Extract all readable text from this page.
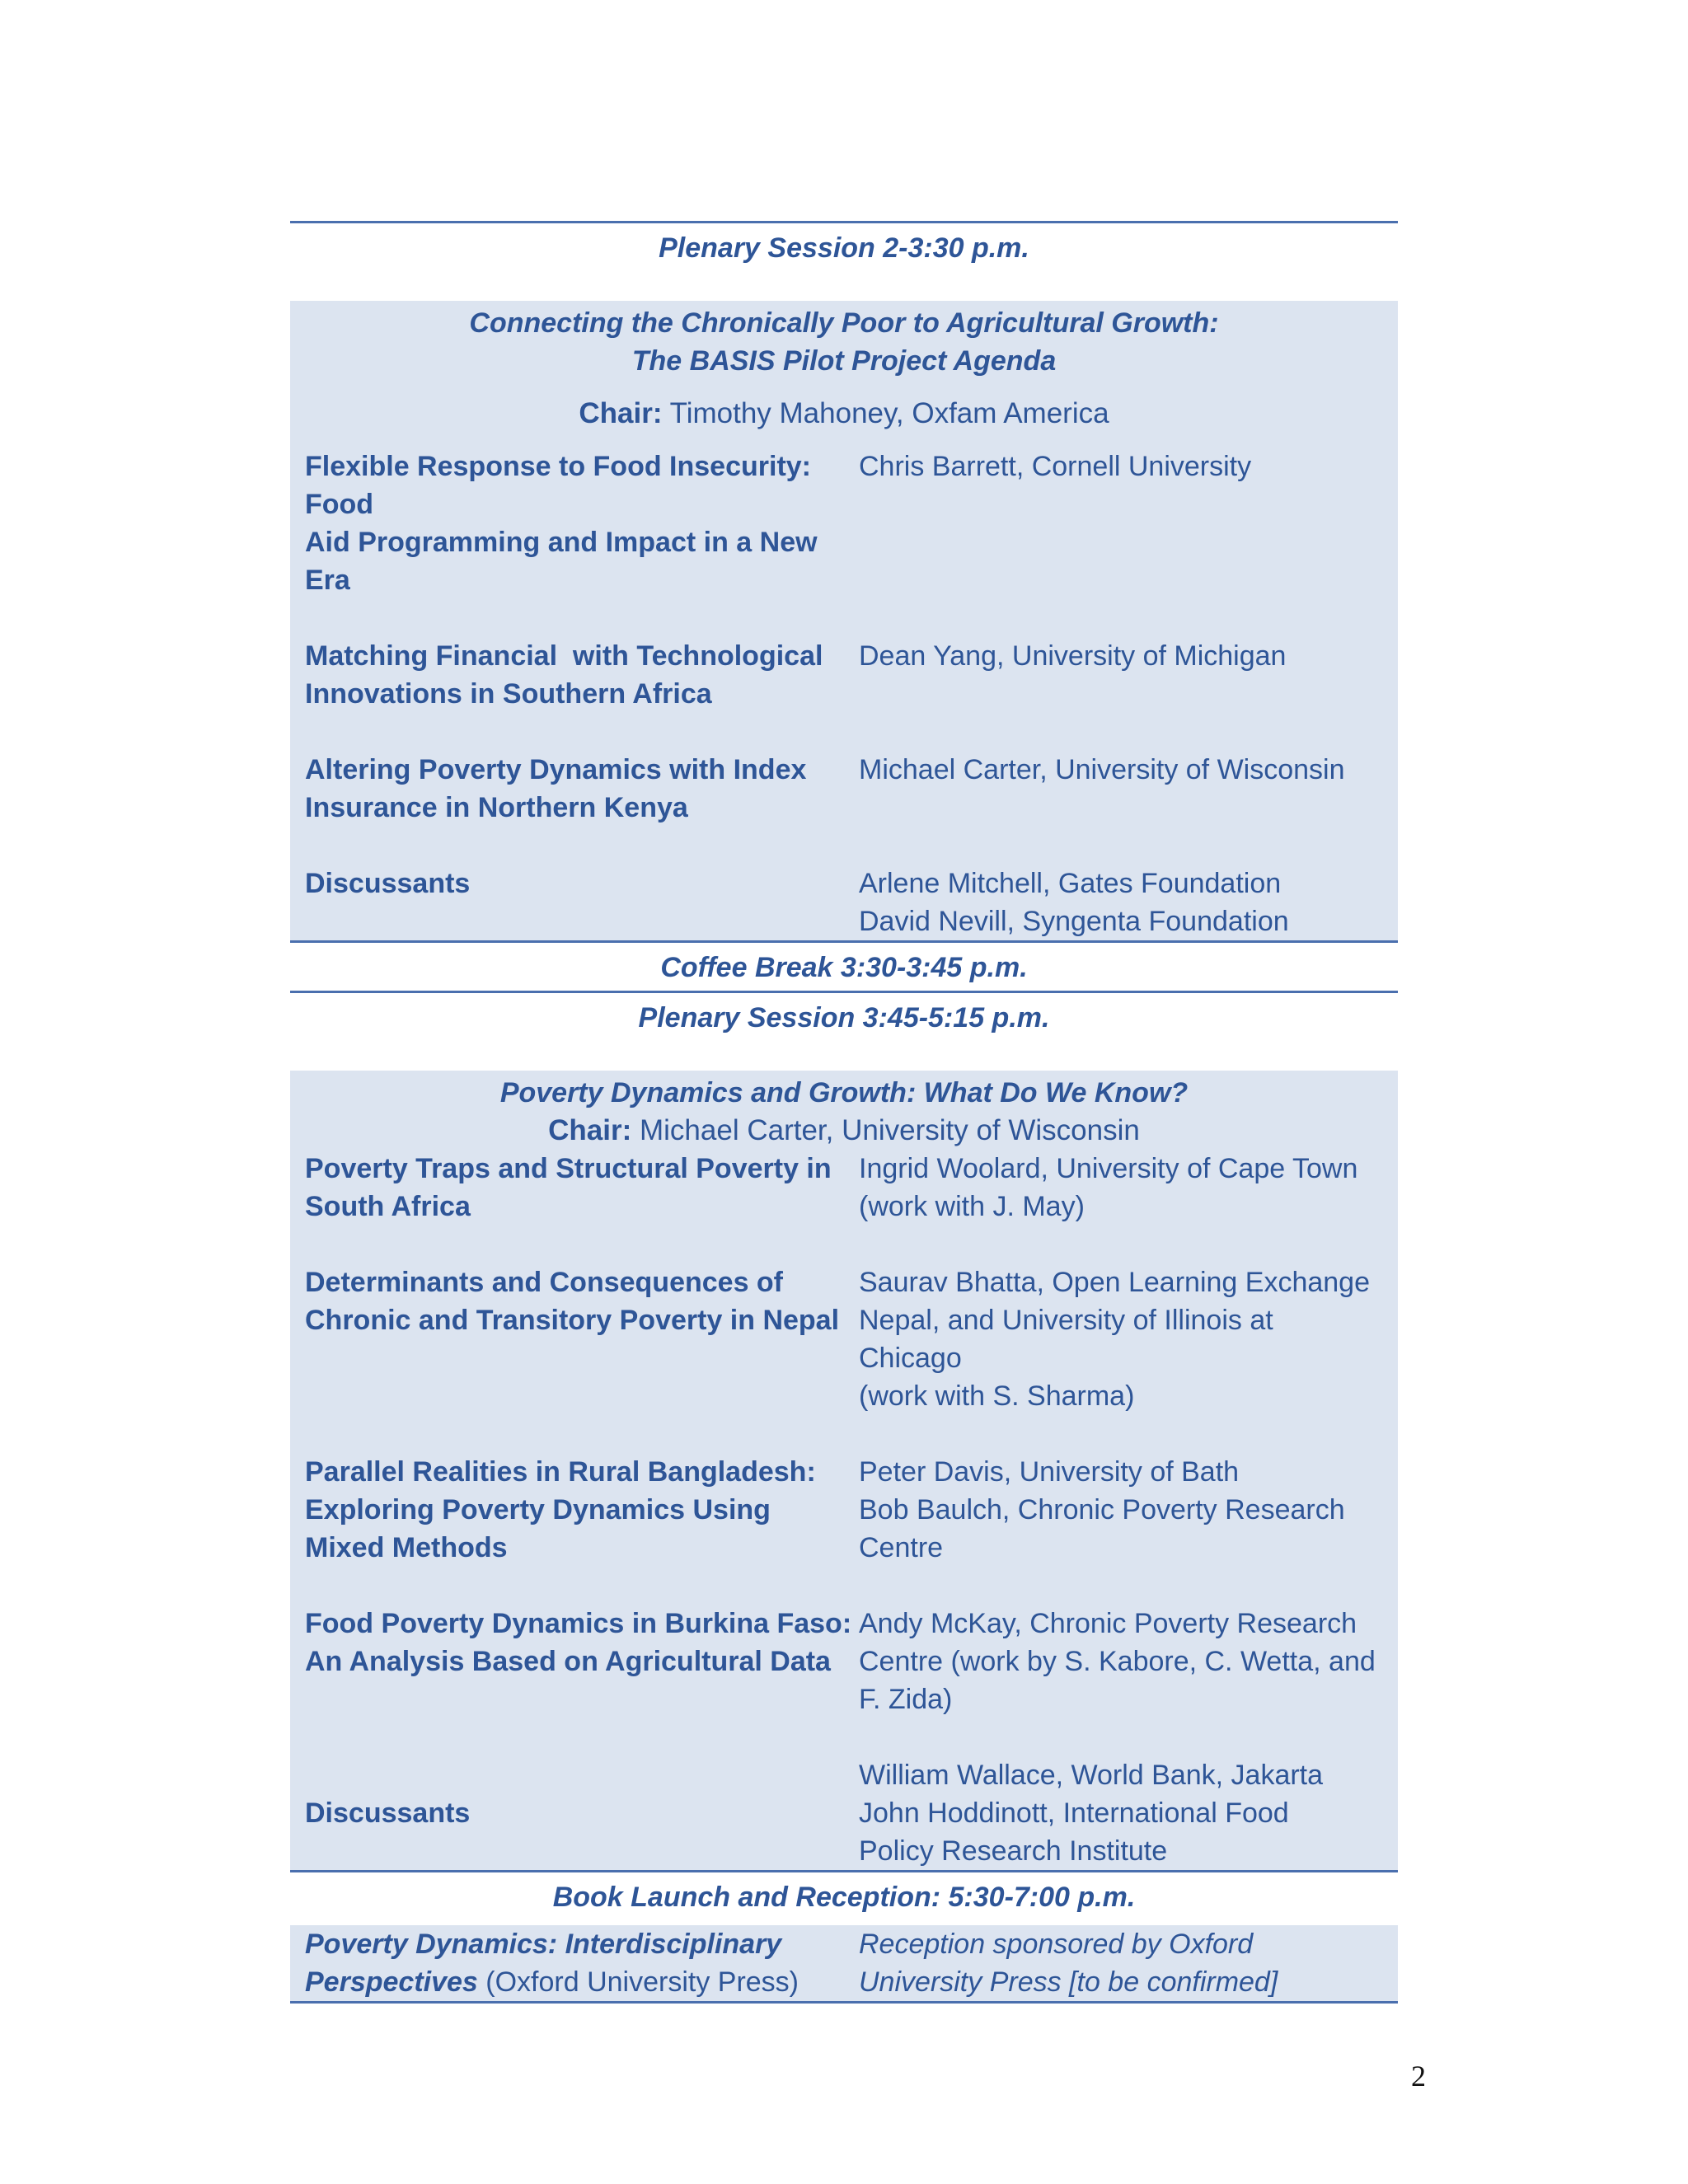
Plenary Session 2-3:30 p.m.
Connecting the Chronically Poor to Agricultural Growth:
The BASIS Pilot Project Agenda
Chair: Timothy Mahoney, Oxfam America
Flexible Response to Food Insecurity: Food
Aid Programming and Impact in a New Era
Chris Barrett, Cornell University
Matching Financial  with Technological
Innovations in Southern Africa
Dean Yang, University of Michigan
Altering Poverty Dynamics with Index
Insurance in Northern Kenya
Michael Carter, University of Wisconsin
Discussants	Arlene Mitchell, Gates Foundation
David Nevill, Syngenta Foundation
Coffee Break 3:30-3:45 p.m.
Plenary Session 3:45-5:15 p.m.
Poverty Dynamics and Growth: What Do We Know?
Chair: Michael Carter, University of Wisconsin
Poverty Traps and Structural Poverty in
South Africa
Ingrid Woolard, University of Cape Town
(work with J. May)
Determinants and Consequences of
Chronic and Transitory Poverty in Nepal
Saurav Bhatta, Open Learning Exchange
Nepal, and University of Illinois at Chicago
(work with S. Sharma)
Parallel Realities in Rural Bangladesh:
Exploring Poverty Dynamics Using
Mixed Methods
Peter Davis, University of Bath
Bob Baulch, Chronic Poverty Research
Centre
Food Poverty Dynamics in Burkina Faso:
An Analysis Based on Agricultural Data
Andy McKay, Chronic Poverty Research
Centre (work by S. Kabore, C. Wetta, and
F. Zida)
Discussants
William Wallace, World Bank, Jakarta
John Hoddinott, International Food
Policy Research Institute
Book Launch and Reception: 5:30-7:00 p.m.
Poverty Dynamics: Interdisciplinary
Perspectives (Oxford University Press)
Reception sponsored by Oxford
University Press [to be confirmed]
2
